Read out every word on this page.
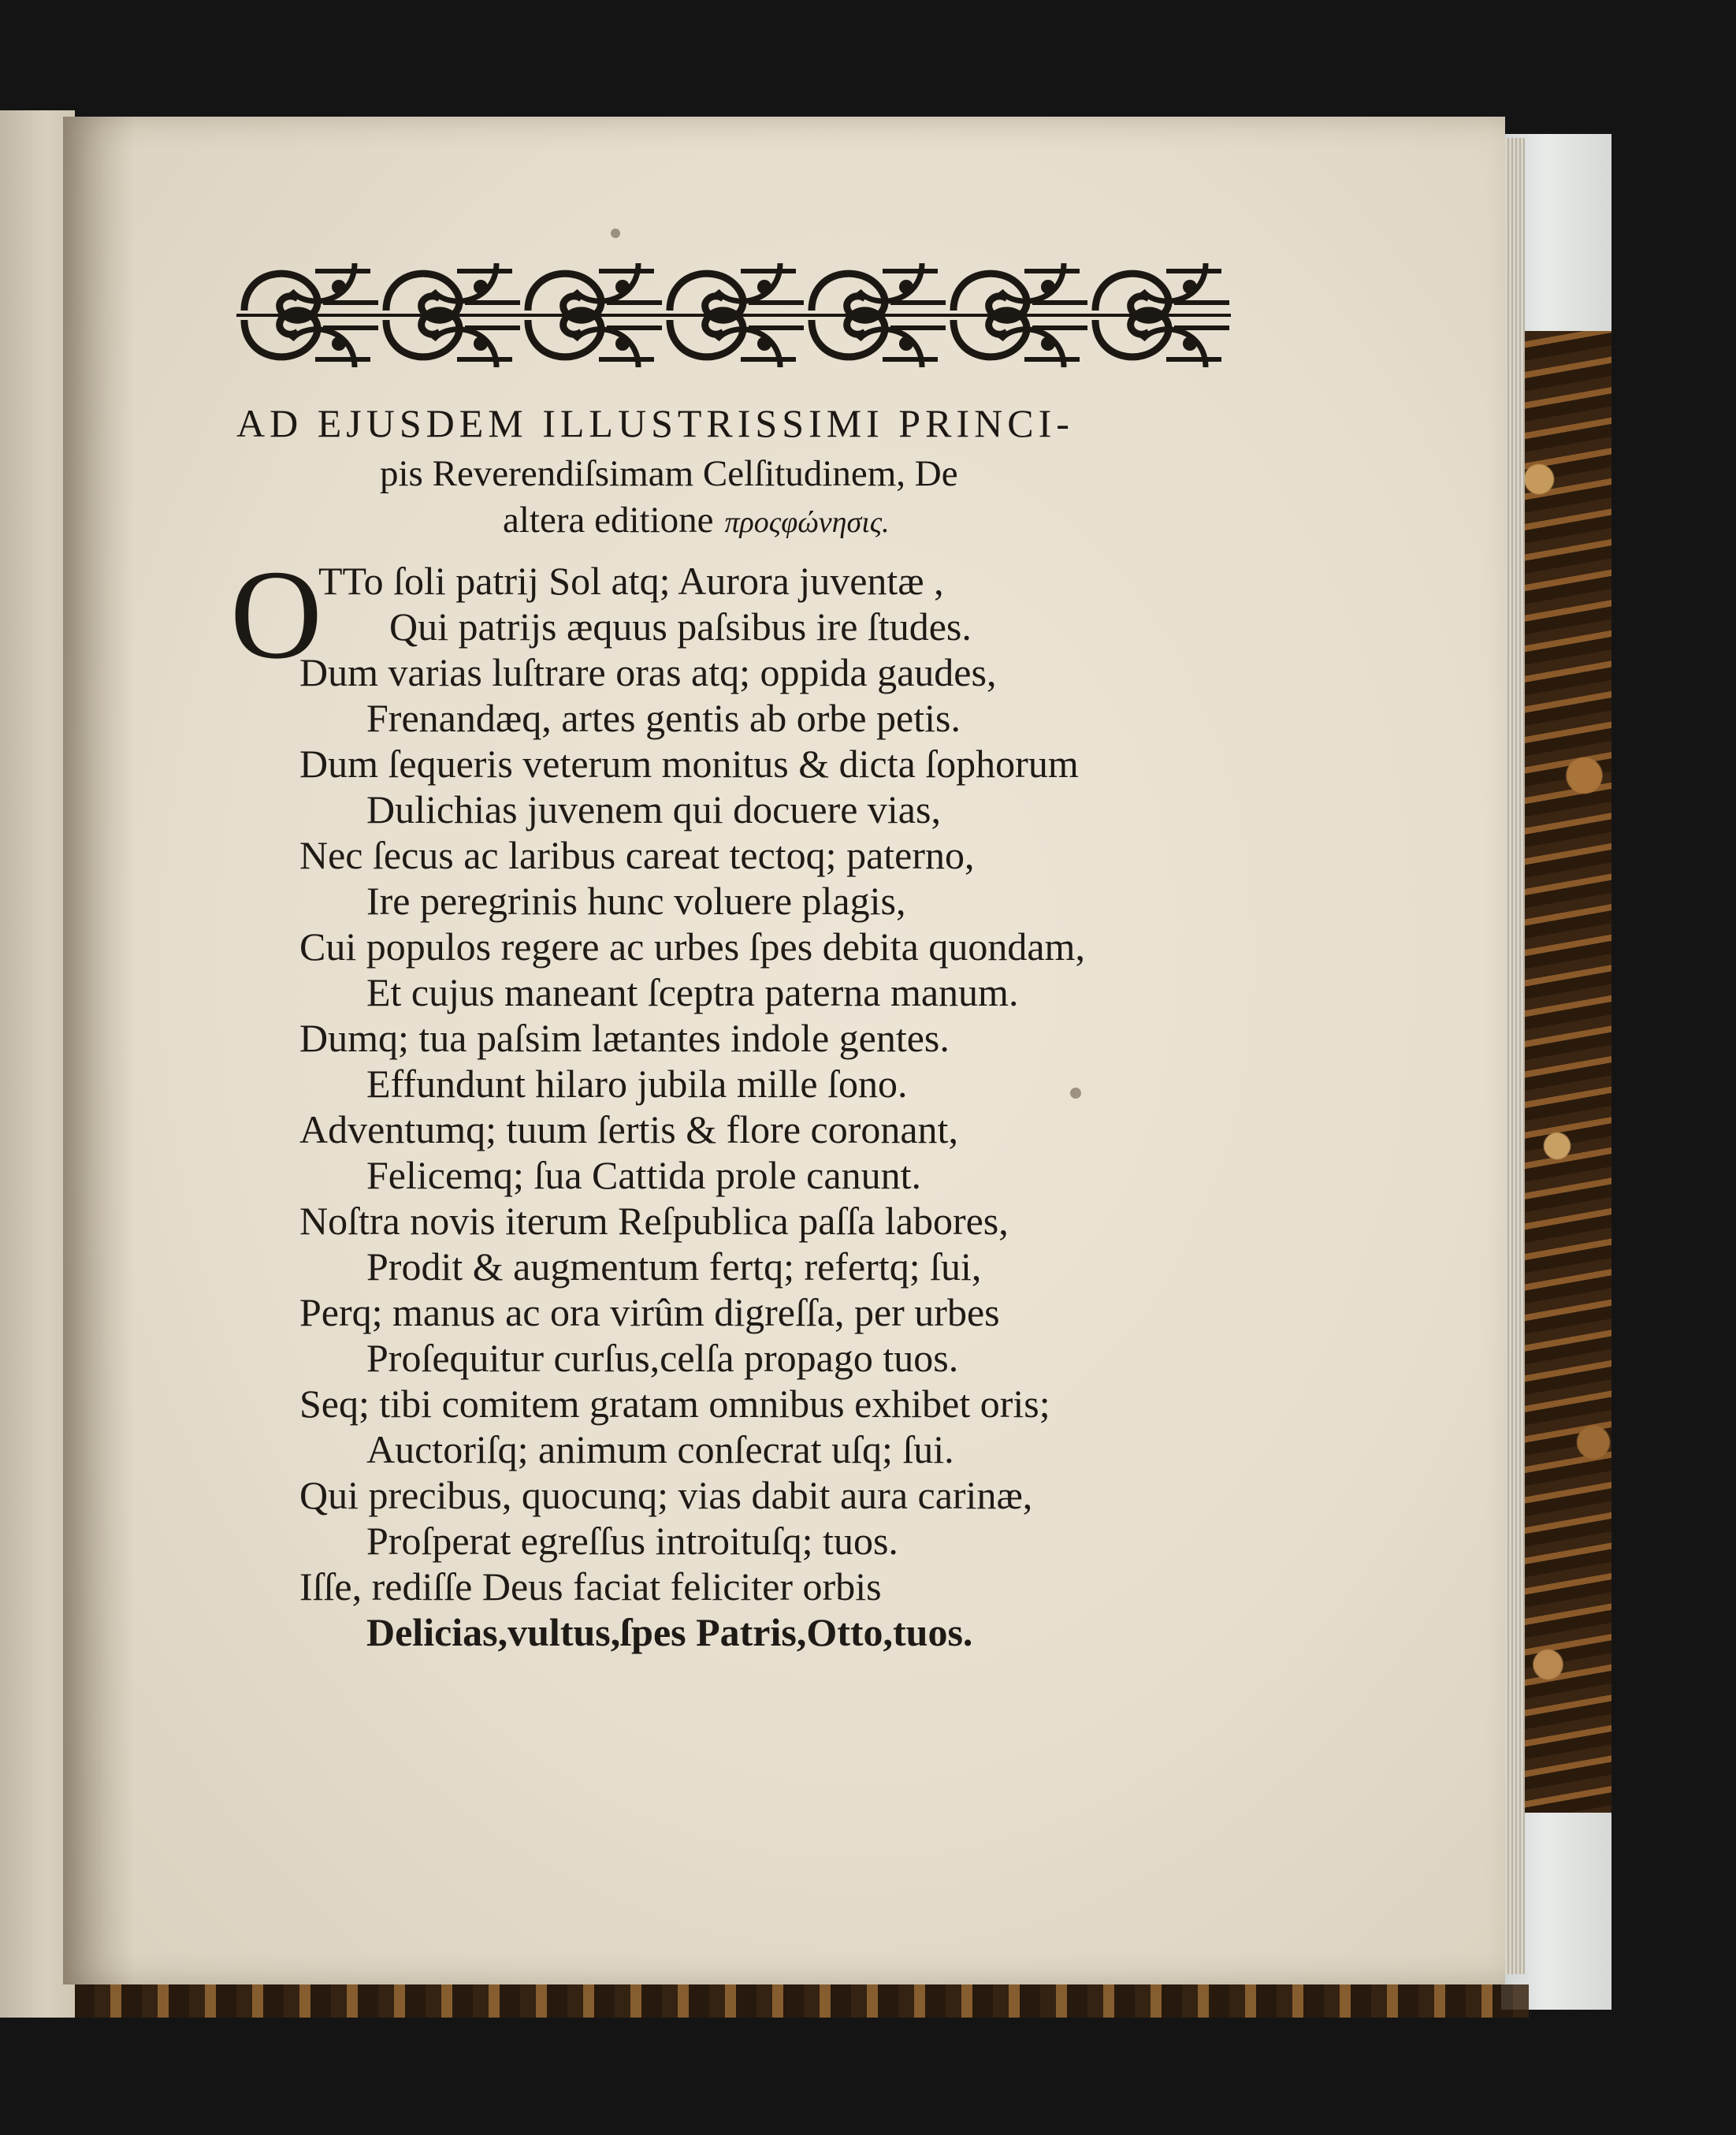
AD EJUSDEM ILLUSTRISSIMI PRINCI-
pis Reverendiſsimam Celſitudinem, De
altera editione προςφώνησις.
O
TTo ſoli patrij Sol atq; Aurora juventæ ,
Qui patrijs æquus paſsibus ire ſtudes.
Dum varias luſtrare oras atq; oppida gaudes,
Frenandæq, artes gentis ab orbe petis.
Dum ſequeris veterum monitus & dicta ſophorum
Dulichias juvenem qui docuere vias,
Nec ſecus ac laribus careat tectoq; paterno,
Ire peregrinis hunc voluere plagis,
Cui populos regere ac urbes ſpes debita quondam,
Et cujus maneant ſceptra paterna manum.
Dumq; tua paſsim lætantes indole gentes.
Effundunt hilaro jubila mille ſono.
Adventumq; tuum ſertis & flore coronant,
Felicemq; ſua Cattida prole canunt.
Noſtra novis iterum Reſpublica paſſa labores,
Prodit & augmentum fertq; refertq; ſui,
Perq; manus ac ora virûm digreſſa, per urbes
Proſequitur curſus,celſa propago tuos.
Seq; tibi comitem gratam omnibus exhibet oris;
Auctoriſq; animum conſecrat uſq; ſui.
Qui precibus, quocunq; vias dabit aura carinæ,
Proſperat egreſſus introituſq; tuos.
Iſſe, rediſſe Deus faciat feliciter orbis
Delicias,vultus,ſpes Patris,Otto,tuos.
